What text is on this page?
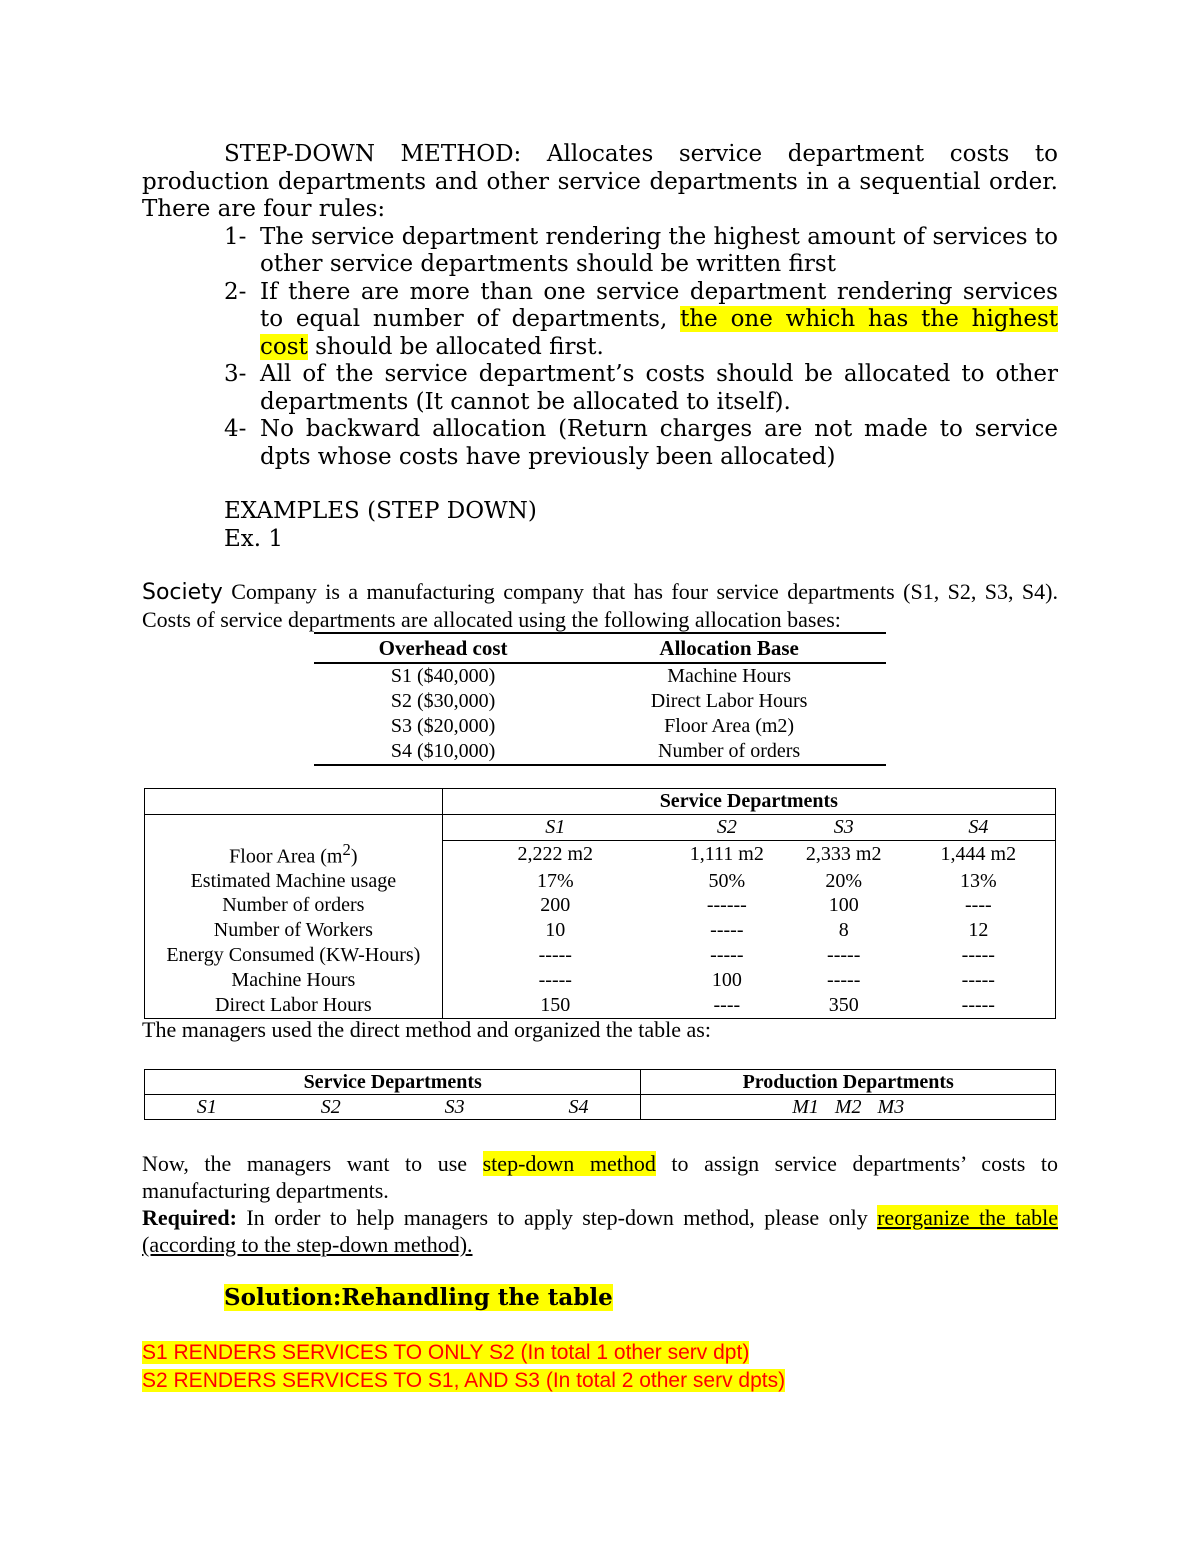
STEP-DOWN METHOD: Allocates service department costs to production departments and other service departments in a sequential order. There are four rules:

1- The service department rendering the highest amount of services to other service departments should be written first
2- If there are more than one service department rendering services to equal number of departments, the one which has the highest cost should be allocated first.
3- All of the service department’s costs should be allocated to other departments (It cannot be allocated to itself).
4- No backward allocation (Return charges are not made to service dpts whose costs have previously been allocated)
EXAMPLES (STEP DOWN)
Ex. 1
Society Company is a manufacturing company that has four service departments (S1, S2, S3, S4). Costs of service departments are allocated using the following allocation bases:
Overhead cost	Allocation Base
S1 ($40,000)	Machine Hours
S2 ($30,000)	Direct Labor Hours
S3 ($20,000)	Floor Area (m2)
S4 ($10,000)	Number of orders
	Service Departments			
	S1	S2	S3	S4
Floor Area $(m^2)$	2,222 m2	1,111 m2	2,333 m2	1,444 m2
Estimated Machine usage	17%	50%	20%	13%
Number of orders	200	------	100	----
Number of Workers	10	-----	8	12
Energy Consumed (KW-Hours)	-----	-----	-----	-----
Machine Hours	-----	100	-----	-----
Direct Labor Hours	150	----	350	-----
The managers used the direct method and organized the table as:
Service Departments	Production Departments

S1 S2 S3 S4	M1 M2 M3
Now, the managers want to use step-down method to assign service departments’ costs to manufacturing departments.
Required: In order to help managers to apply step-down method, please only reorganize the table (according to the step-down method).
Solution:Rehandling the table
S1 RENDERS SERVICES TO ONLY S2 (In total 1 other serv dpt)
S2 RENDERS SERVICES TO S1, AND S3 (In total 2 other serv dpts)
